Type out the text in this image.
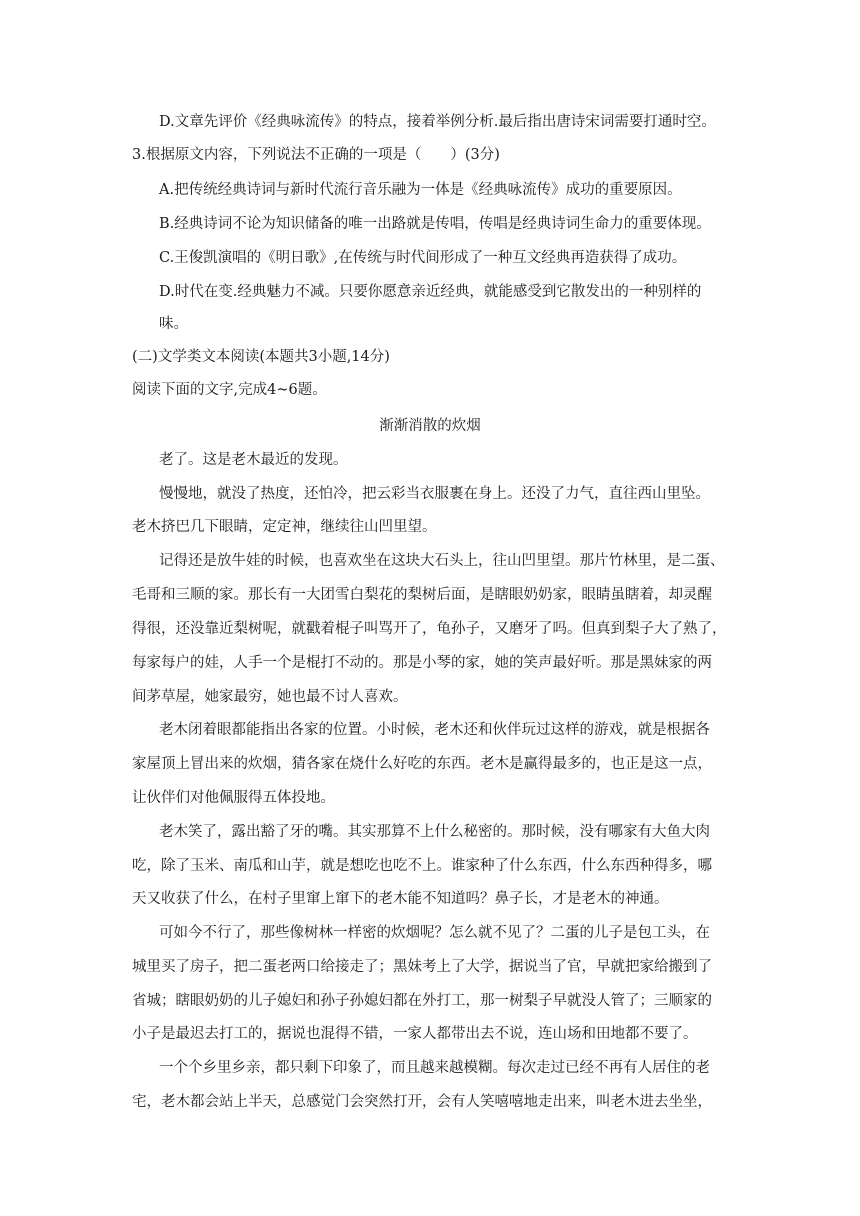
D.文章先评价《经典咏流传》的特点，接着举例分析.最后指出唐诗宋词需要打通时空。
3.根据原文内容，下列说法不正确的一项是（　　）(3分)
A.把传统经典诗词与新时代流行音乐融为一体是《经典咏流传》成功的重要原因。
B.经典诗词不论为知识储备的唯一出路就是传唱，传唱是经典诗词生命力的重要体现。
C.王俊凯演唱的《明日歌》,在传统与时代间形成了一种互文经典再造获得了成功。
D.时代在变.经典魅力不减。只要你愿意亲近经典，就能感受到它散发出的一种别样的
味。
(二)文学类文本阅读(本题共3小题,14分)
阅读下面的文字,完成4~6题。
渐渐消散的炊烟
老了。这是老木最近的发现。
慢慢地，就没了热度，还怕冷，把云彩当衣服裹在身上。还没了力气，直往西山里坠。
老木挤巴几下眼睛，定定神，继续往山凹里望。
记得还是放牛娃的时候，也喜欢坐在这块大石头上，往山凹里望。那片竹林里，是二蛋、
毛哥和三顺的家。那长有一大团雪白梨花的梨树后面，是瞎眼奶奶家，眼睛虽瞎着，却灵醒
得很，还没靠近梨树呢，就戳着棍子叫骂开了，龟孙子，又磨牙了吗。但真到梨子大了熟了，
每家每户的娃，人手一个是棍打不动的。那是小琴的家，她的笑声最好听。那是黑妹家的两
间茅草屋，她家最穷，她也最不讨人喜欢。
老木闭着眼都能指出各家的位置。小时候，老木还和伙伴玩过这样的游戏，就是根据各
家屋顶上冒出来的炊烟，猜各家在烧什么好吃的东西。老木是赢得最多的，也正是这一点，
让伙伴们对他佩服得五体投地。
老木笑了，露出豁了牙的嘴。其实那算不上什么秘密的。那时候，没有哪家有大鱼大肉
吃，除了玉米、南瓜和山芋，就是想吃也吃不上。谁家种了什么东西，什么东西种得多，哪
天又收获了什么，在村子里窜上窜下的老木能不知道吗？鼻子长，才是老木的神通。
可如今不行了，那些像树林一样密的炊烟呢？怎么就不见了？二蛋的儿子是包工头，在
城里买了房子，把二蛋老两口给接走了；黑妹考上了大学，据说当了官，早就把家给搬到了
省城；瞎眼奶奶的儿子媳妇和孙子孙媳妇都在外打工，那一树梨子早就没人管了；三顺家的
小子是最迟去打工的，据说也混得不错，一家人都带出去不说，连山场和田地都不要了。
一个个乡里乡亲，都只剩下印象了，而且越来越模糊。每次走过已经不再有人居住的老
宅，老木都会站上半天，总感觉门会突然打开，会有人笑嘻嘻地走出来，叫老木进去坐坐，
